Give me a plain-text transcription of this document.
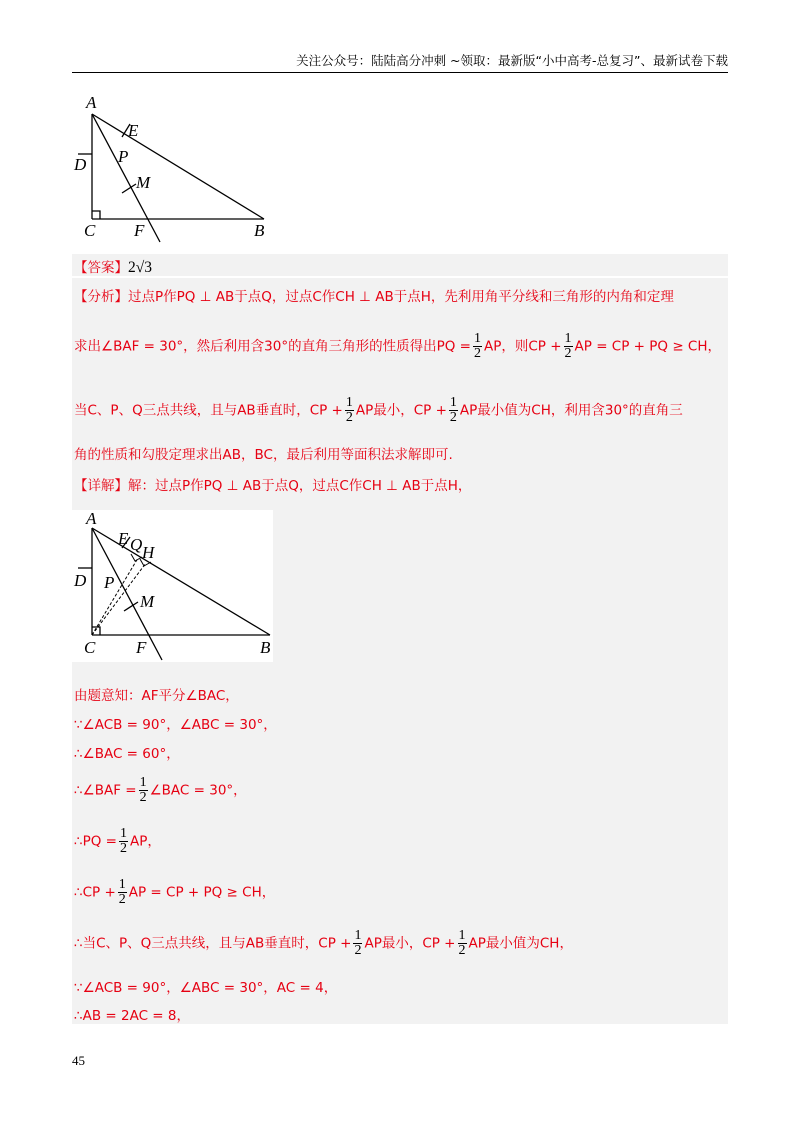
关注公众号：陆陆高分冲刺 ~领取：最新版“小中高考-总复习”、最新试卷下载
A
E
D P
M
C F	B
【答案】2√3
【分析】过点P作PQ ⊥ AB于点Q，过点C作CH ⊥ AB于点H，先利用角平分线和三角形的内角和定理
求出∠BAF = 30°，然后利用含30°的直角三角形的性质得出PQ = $\frac{1}{2}$ AP，则CP + $\frac{1}{2}$ AP = CP + PQ ≥ CH，
当C、P、Q三点共线，且与AB垂直时，CP + $\frac{1}{2}$ AP最小，CP + $\frac{1}{2}$ AP最小值为CH，利用含30°的直角三
角的性质和勾股定理求出AB，BC，最后利用等面积法求解即可.
【详解】解：过点P作PQ ⊥ AB于点Q，过点C作CH ⊥ AB于点H，
A
E Q H
D P
M
C F	B
由题意知：AF平分∠BAC，
∵∠ACB = 90°，∠ABC = 30°，
∴∠BAC = 60°，
∴∠BAF = $\frac{1}{2}$ ∠BAC = 30°，
∴PQ = $\frac{1}{2}$ AP，
∴CP + $\frac{1}{2}$ AP = CP + PQ ≥ CH，
∴当C、P、Q三点共线，且与AB垂直时，CP + $\frac{1}{2}$ AP最小，CP + $\frac{1}{2}$ AP最小值为CH，
∵∠ACB = 90°，∠ABC = 30°，AC = 4，
∴AB = 2AC = 8，
45
